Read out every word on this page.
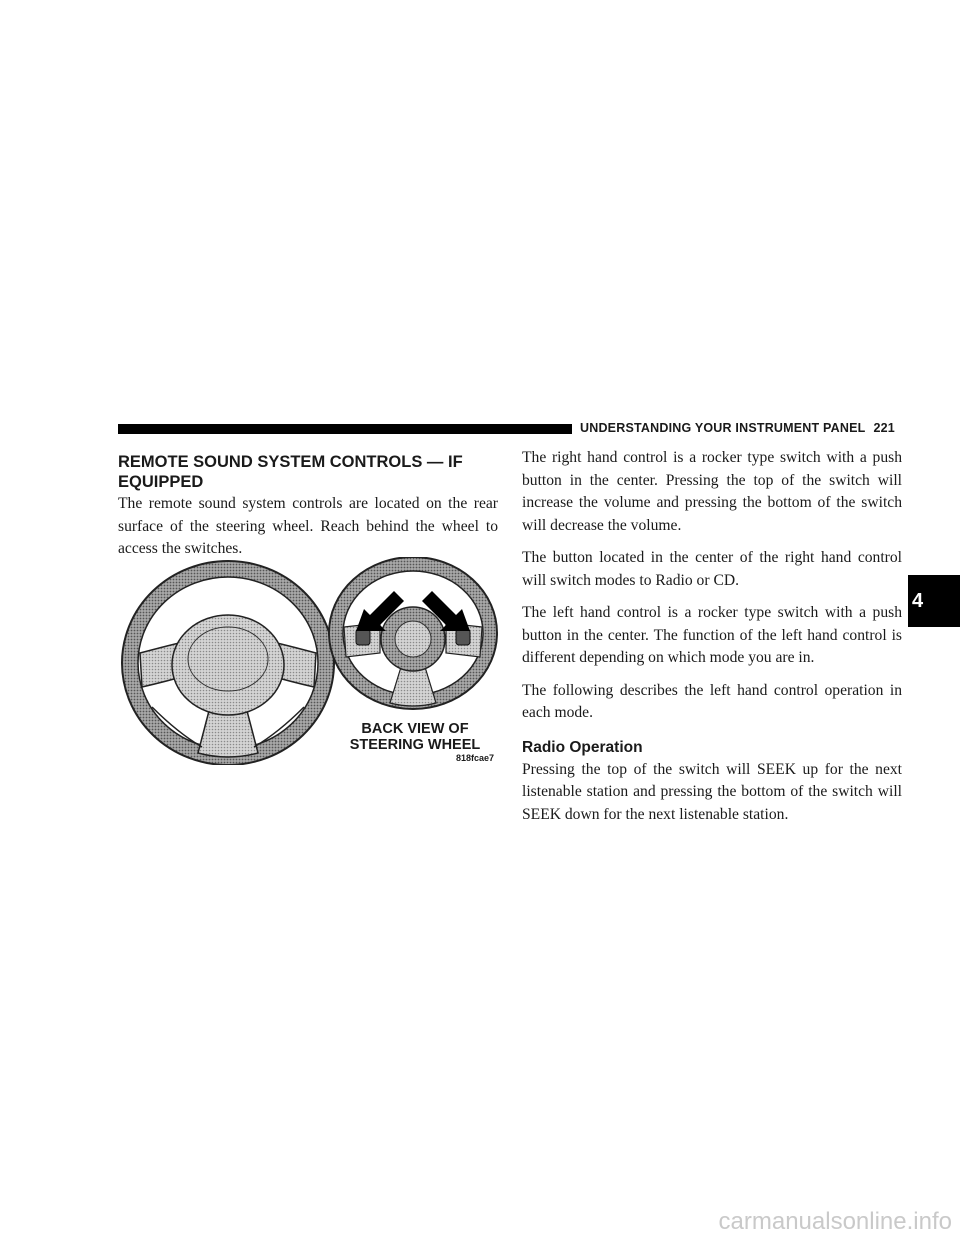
UNDERSTANDING YOUR INSTRUMENT PANEL 221
REMOTE SOUND SYSTEM CONTROLS — IF EQUIPPED

The remote sound system controls are located on the rear surface of the steering wheel. Reach behind the wheel to access the switches.

BACK VIEW OF
STEERING WHEEL
818fcae7

The right hand control is a rocker type switch with a push button in the center. Pressing the top of the switch will increase the volume and pressing the bottom of the switch will decrease the volume.

The button located in the center of the right hand control will switch modes to Radio or CD.

The left hand control is a rocker type switch with a push button in the center. The function of the left hand control is different depending on which mode you are in.

The following describes the left hand control operation in each mode.

Radio Operation

Pressing the top of the switch will SEEK up for the next listenable station and pressing the bottom of the switch will SEEK down for the next listenable station.

4
carmanualsonline.info
